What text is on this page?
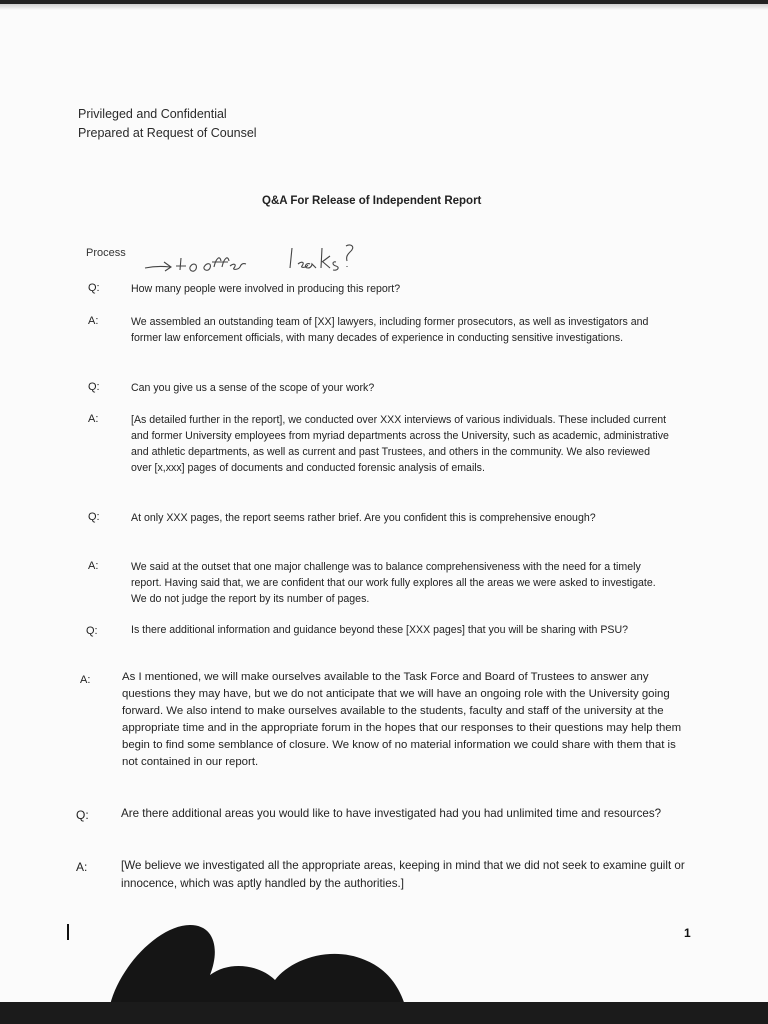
Privileged and Confidential
Prepared at Request of Counsel
Q&A For Release of Independent Report
Process
Q:	How many people were involved in producing this report?
A:	We assembled an outstanding team of [XX] lawyers, including former prosecutors, as well as investigators and former law enforcement officials, with many decades of experience in conducting sensitive investigations.
Q:	Can you give us a sense of the scope of your work?
A:	[As detailed further in the report], we conducted over XXX interviews of various individuals. These included current and former University employees from myriad departments across the University, such as academic, administrative and athletic departments, as well as current and past Trustees, and others in the community. We also reviewed over [x,xxx] pages of documents and conducted forensic analysis of emails.
Q:	At only XXX pages, the report seems rather brief. Are you confident this is comprehensive enough?
A:	We said at the outset that one major challenge was to balance comprehensiveness with the need for a timely report. Having said that, we are confident that our work fully explores all the areas we were asked to investigate. We do not judge the report by its number of pages.
Q:	Is there additional information and guidance beyond these [XXX pages] that you will be sharing with PSU?
A:	As I mentioned, we will make ourselves available to the Task Force and Board of Trustees to answer any questions they may have, but we do not anticipate that we will have an ongoing role with the University going forward. We also intend to make ourselves available to the students, faculty and staff of the university at the appropriate time and in the appropriate forum in the hopes that our responses to their questions may help them begin to find some semblance of closure. We know of no material information we could share with them that is not contained in our report.
Q:	Are there additional areas you would like to have investigated had you had unlimited time and resources?
A:	[We believe we investigated all the appropriate areas, keeping in mind that we did not seek to examine guilt or innocence, which was aptly handled by the authorities.]
1
